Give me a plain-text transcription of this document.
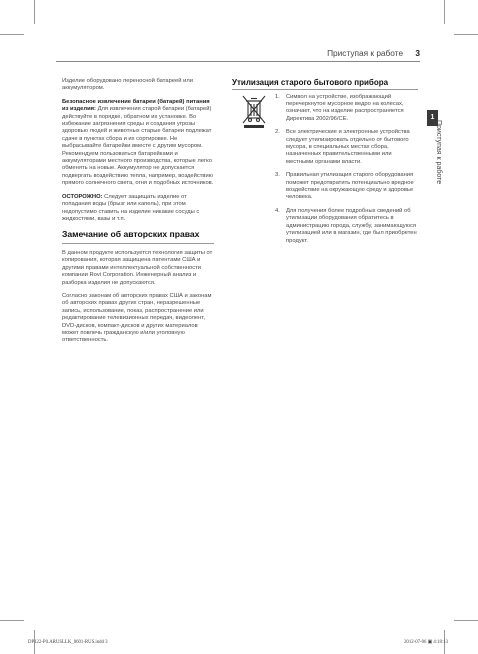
Приступая к работе 3
1
Приступая к работе

Изделие оборудовано переносной батареей или аккумулятором.

Безопасное извлечение батареи (батарей) питания из изделия: Для извлечения старой батареи (батарей) действуйте в порядке, обратном их установке. Во избежание загрязнения среды и создания угрозы здоровью людей и животных старые батареи подлежат сдаче в пунктах сбора и их сортировке. Не выбрасывайте батарейки вместе с другим мусором. Рекомендуем пользоваться батарейками и аккумуляторами местного производства, которые легко обменять на новые. Аккумулятор не допускается подвергать воздействию тепла, например, воздействию прямого солнечного света, огня и подобных источников.

ОСТОРОЖНО: Следует защищать изделие от попадания воды (брызг или капель), при этом недопустимо ставить на изделие никакие сосуды с жидкостями, вазы и т.п.

Замечание об авторских правах

В данном продукте используется технология защиты от копирования, которая защищена патентами США и другими правами интеллектуальной собственности компании Rovi Corporation. Инженерный анализ и разборка изделия не допускаются.

Согласно законам об авторских правах США и законам об авторских правах других стран, неразрешенные запись, использование, показ, распространение или редактирование телевизионных передач, видеолент, DVD-дисков, компакт-дисков и других материалов может повлечь гражданскую и/или уголовную ответственность.

Утилизация старого бытового прибора
1. Символ на устройстве, изображающий перечеркнутое мусорное ведро на колесах, означает, что на изделие распространяется Директива 2002/96/CE.
2. Все электрические и электронные устройства следует утилизировать отдельно от бытового мусора, в специальных местах сбора, назначенных правительственными или местными органами власти.
3. Правильная утилизация старого оборудования поможет предотвратить потенциально вредное воздействие на окружающую среду и здоровье человека.
4. Для получения более подробных сведений об утилизации оборудования обратитесь в администрацию города, службу, занимающуюся утилизацией или в магазин, где был приобретен продукт.
DP122-P0.ARUSLLK_0601-RUS.indd 3	2012-07-06 ▣ 4:18:13
